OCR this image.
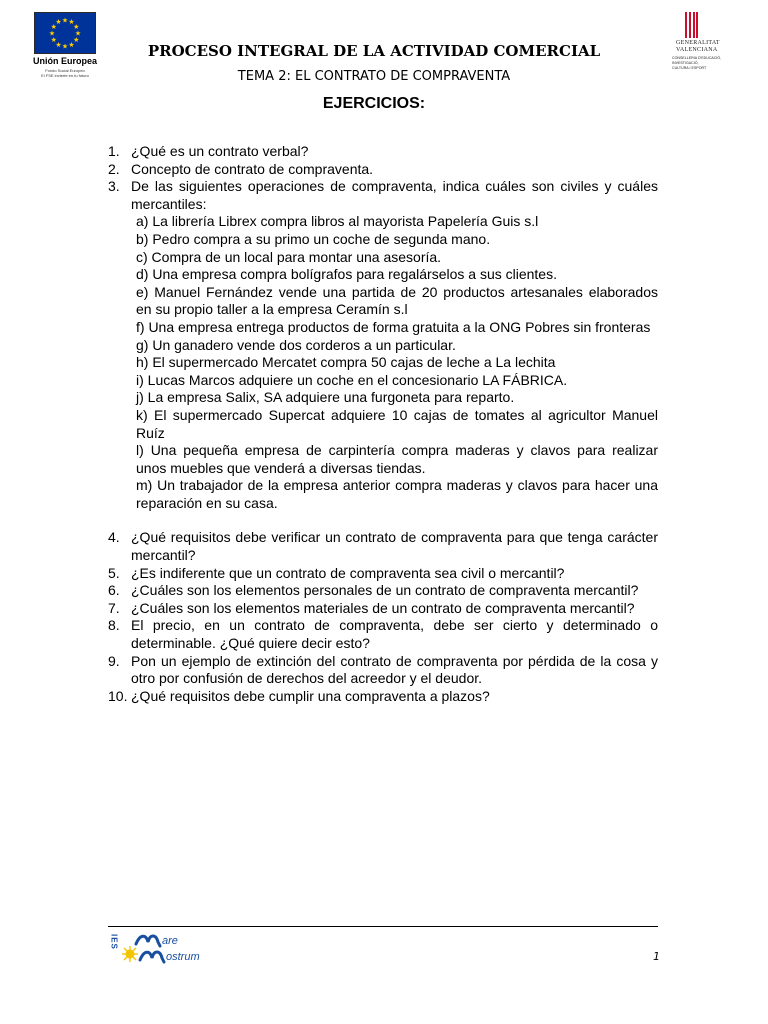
★ ★
★
★
★
★
★
★
★
★
★
★
Unión Europea
Fondo Social Europeo
El FSE invierte en tu futuro
GENERALITAT
VALENCIANA
CONSELLERIA D'EDUCACIÓ, INVESTIGACIÓ,
CULTURA I ESPORT
PROCESO INTEGRAL DE LA ACTIVIDAD COMERCIAL
TEMA 2: EL CONTRATO DE COMPRAVENTA
EJERCICIOS:
1. ¿Qué es un contrato verbal?
2. Concepto de contrato de compraventa.
3. De las siguientes operaciones de compraventa, indica cuáles son civiles y cuáles mercantiles:
a) La librería Librex compra libros al mayorista Papelería Guis s.l
b) Pedro compra a su primo un coche de segunda mano.
c) Compra de un local para montar una asesoría.
d) Una empresa compra bolígrafos para regalárselos a sus clientes.
e) Manuel Fernández vende una partida de 20 productos artesanales elaborados en su propio taller a la empresa Ceramín s.l
f) Una empresa entrega productos de forma gratuita a la ONG Pobres sin fronteras
g) Un ganadero vende dos corderos a un particular.
h) El supermercado Mercatet compra 50 cajas de leche a La lechita
i) Lucas Marcos adquiere un coche en el concesionario LA FÁBRICA.
j) La empresa Salix, SA adquiere una furgoneta para reparto.
k) El supermercado Supercat adquiere 10 cajas de tomates al agricultor Manuel Ruíz
l) Una pequeña empresa de carpintería compra maderas y clavos para realizar unos muebles que venderá a diversas tiendas.
m) Un trabajador de la empresa anterior compra maderas y clavos para hacer una reparación en su casa.
4. ¿Qué requisitos debe verificar un contrato de compraventa para que tenga carácter mercantil?
5. ¿Es indiferente que un contrato de compraventa sea civil o mercantil?
6. ¿Cuáles son los elementos personales de un contrato de compraventa mercantil?
7. ¿Cuáles son los elementos materiales de un contrato de compraventa mercantil?
8. El precio, en un contrato de compraventa, debe ser cierto y determinado o determinable. ¿Qué quiere decir esto?
9. Pon un ejemplo de extinción del contrato de compraventa por pérdida de la cosa y otro por confusión de derechos del acreedor y el deudor.
10. ¿Qué requisitos debe cumplir una compraventa a plazos?
IES	are
ostrum	1
